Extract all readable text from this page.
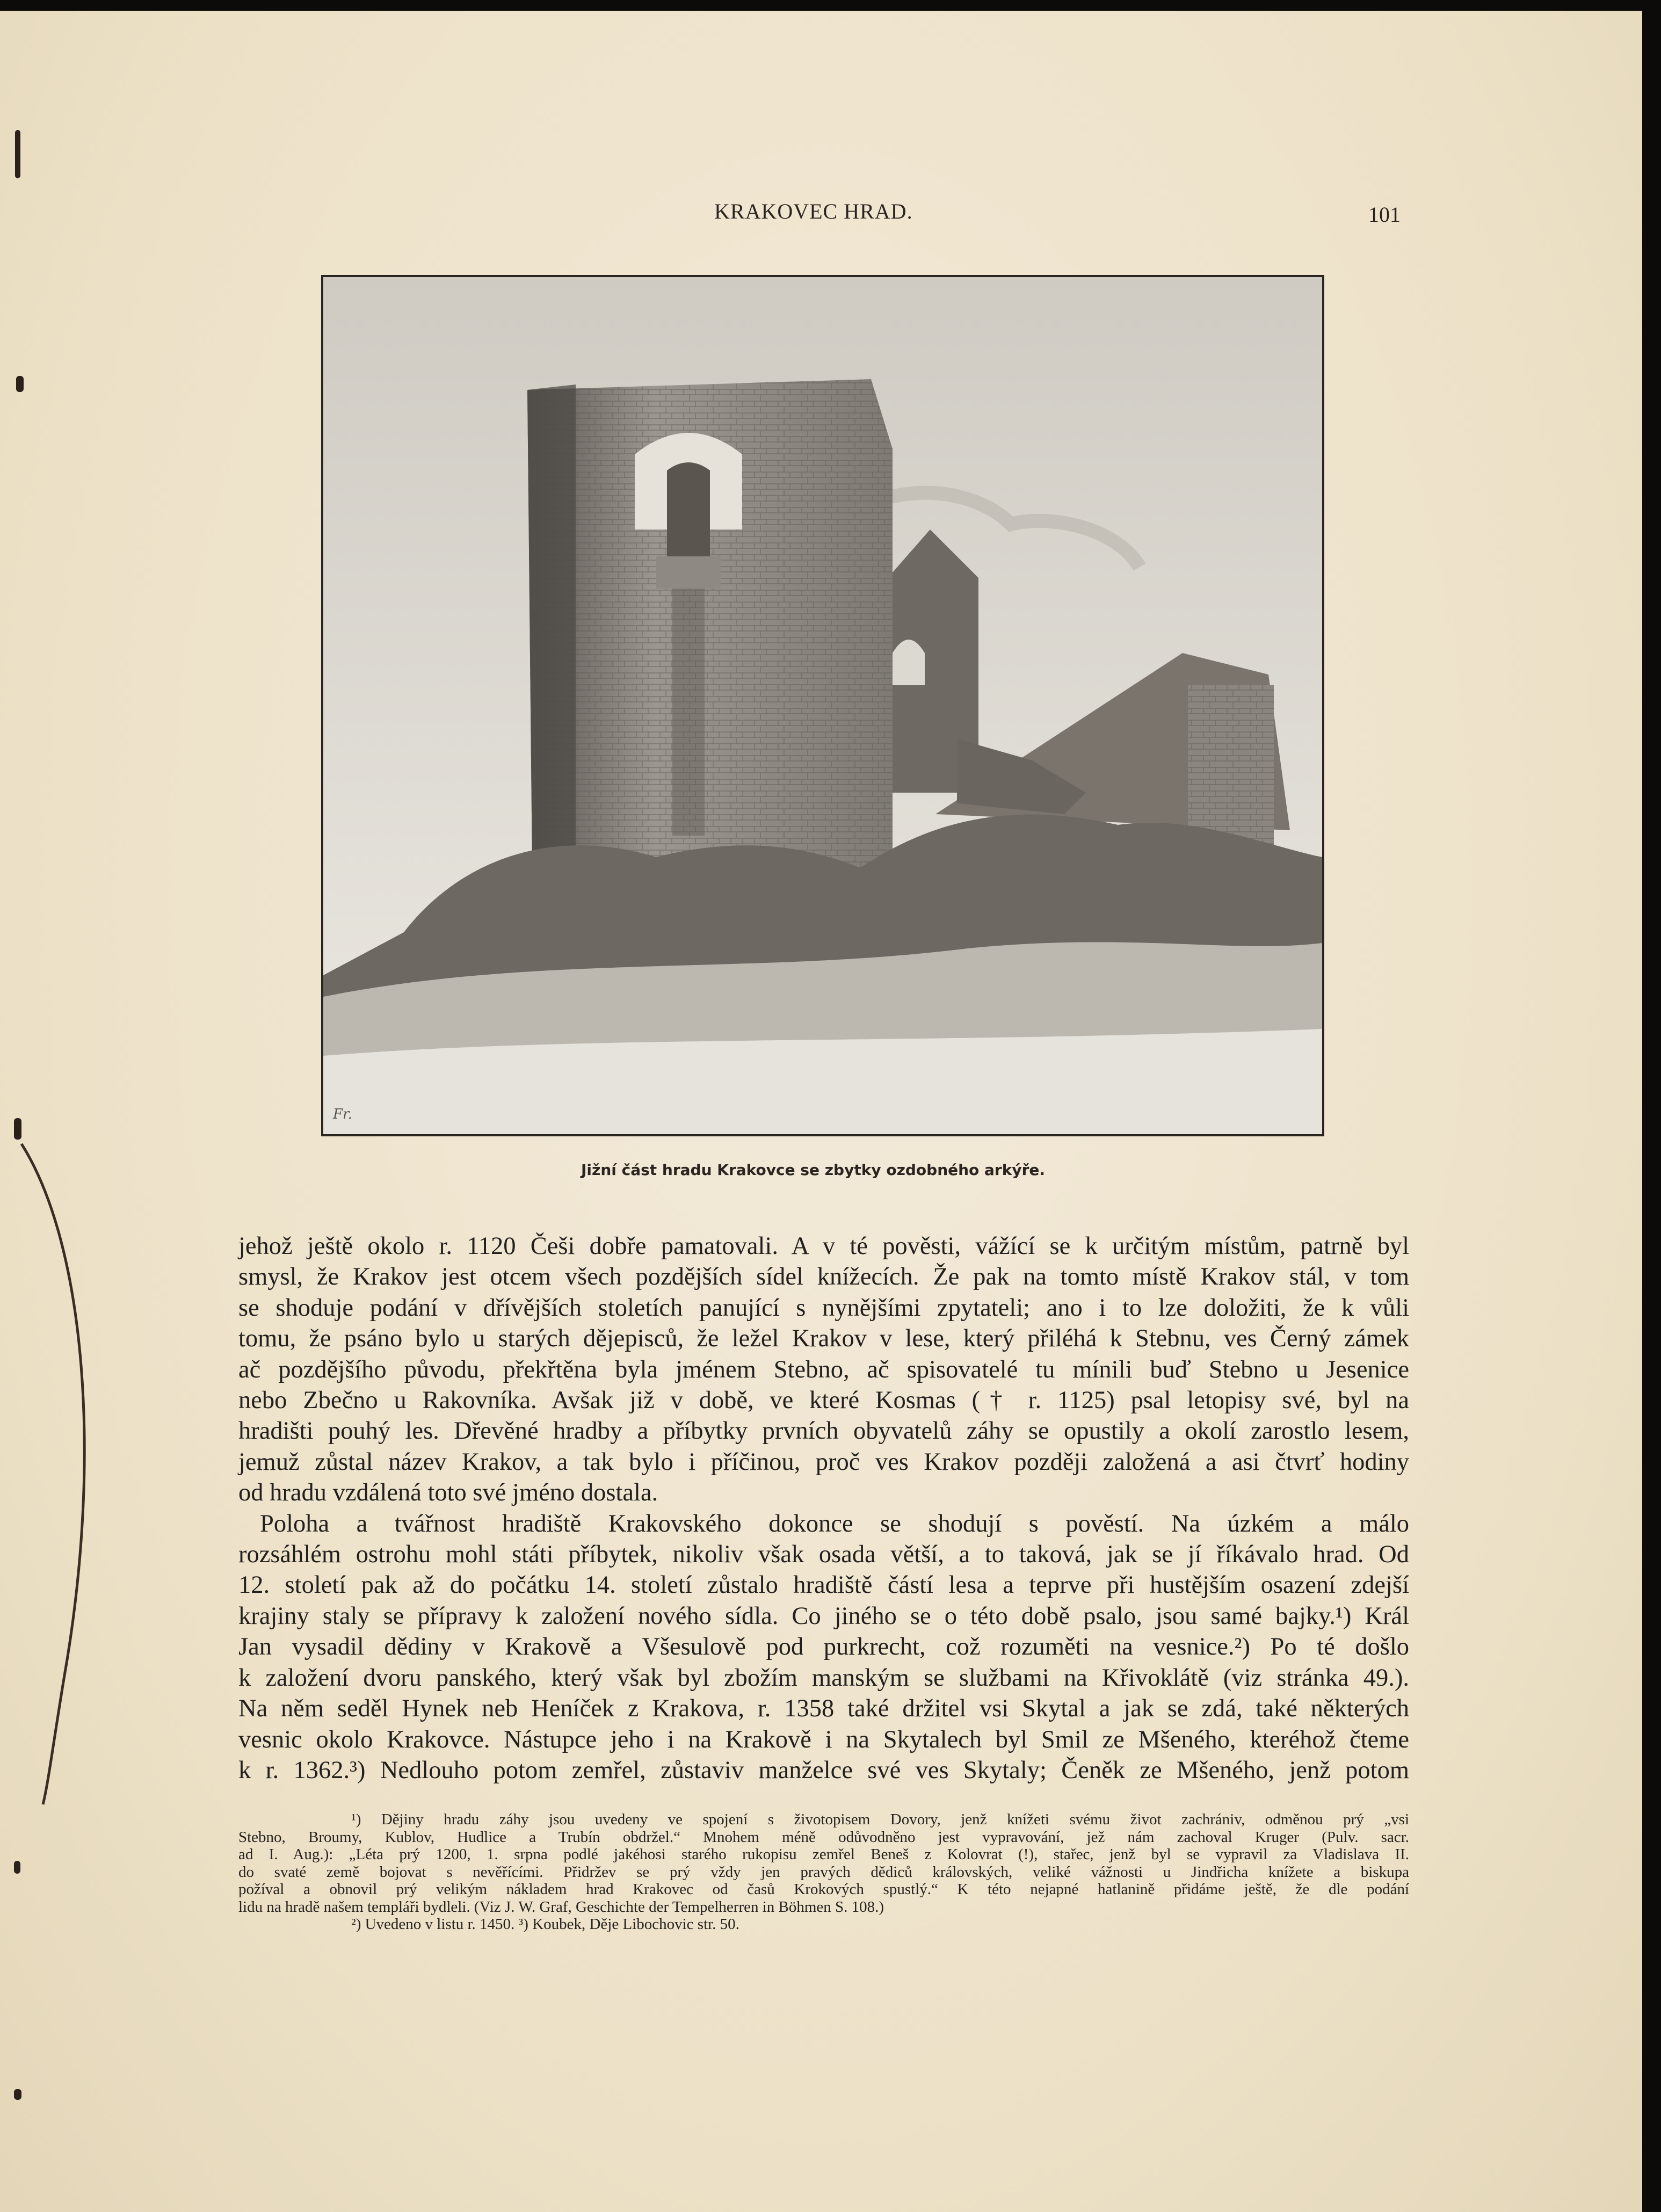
KRAKOVEC HRAD.	101
Fr.
Jižní část hradu Krakovce se zbytky ozdobného arkýře.

jehož ještě okolo r. 1120 Češi dobře pamatovali. A v té pověsti, vážící se k určitým místům, patrně byl

smysl, že Krakov jest otcem všech pozdějších sídel knížecích. Že pak na tomto místě Krakov stál, v tom

se shoduje podání v dřívějších stoletích panující s nynějšími zpytateli; ano i to lze doložiti, že k vůli

tomu, že psáno bylo u starých dějepisců, že ležel Krakov v lese, který přiléhá k Stebnu, ves Černý zámek

ač pozdějšího původu, překřtěna byla jménem Stebno, ač spisovatelé tu mínili buď Stebno u Jesenice

nebo Zbečno u Rakovníka. Avšak již v době, ve které Kosmas († r. 1125) psal letopisy své, byl na

hradišti pouhý les. Dřevěné hradby a příbytky prvních obyvatelů záhy se opustily a okolí zarostlo lesem,

jemuž zůstal název Krakov, a tak bylo i příčinou, proč ves Krakov později založená a asi čtvrť hodiny

od hradu vzdálená toto své jméno dostala.

Poloha a tvářnost hradiště Krakovského dokonce se shodují s pověstí. Na úzkém a málo

rozsáhlém ostrohu mohl státi příbytek, nikoliv však osada větší, a to taková, jak se jí říkávalo hrad. Od

12. století pak až do počátku 14. století zůstalo hradiště částí lesa a teprve při hustějším osazení zdejší

krajiny staly se přípravy k založení nového sídla. Co jiného se o této době psalo, jsou samé bajky.¹) Král

Jan vysadil dědiny v Krakově a Všesulově pod purkrecht, což rozuměti na vesnice.²) Po té došlo

k založení dvoru panského, který však byl zbožím manským se službami na Křivoklátě (viz stránka 49.).

Na něm seděl Hynek neb Heníček z Krakova, r. 1358 také držitel vsi Skytal a jak se zdá, také některých

vesnic okolo Krakovce. Nástupce jeho i na Krakově i na Skytalech byl Smil ze Mšeného, kteréhož čteme

k r. 1362.³) Nedlouho potom zemřel, zůstaviv manželce své ves Skytaly; Čeněk ze Mšeného, jenž potom

¹) Dějiny hradu záhy jsou uvedeny ve spojení s životopisem Dovory, jenž knížeti svému život zachrániv, odměnou prý „vsi

Stebno, Broumy, Kublov, Hudlice a Trubín obdržel.“ Mnohem méně odůvodněno jest vypravování, jež nám zachoval Kruger (Pulv. sacr.

ad I. Aug.): „Léta prý 1200, 1. srpna podlé jakéhosi starého rukopisu zemřel Beneš z Kolovrat (!), stařec, jenž byl se vypravil za Vladislava II.

do svaté země bojovat s nevěřícími. Přidržev se prý vždy jen pravých dědiců královských, veliké vážnosti u Jindřicha knížete a biskupa

požíval a obnovil prý velikým nákladem hrad Krakovec od časů Krokových spustlý.“ K této nejapné hatlanině přidáme ještě, že dle podání

lidu na hradě našem templáři bydleli. (Viz J. W. Graf, Geschichte der Tempelherren in Böhmen S. 108.)

²) Uvedeno v listu r. 1450. ³) Koubek, Děje Libochovic str. 50.
